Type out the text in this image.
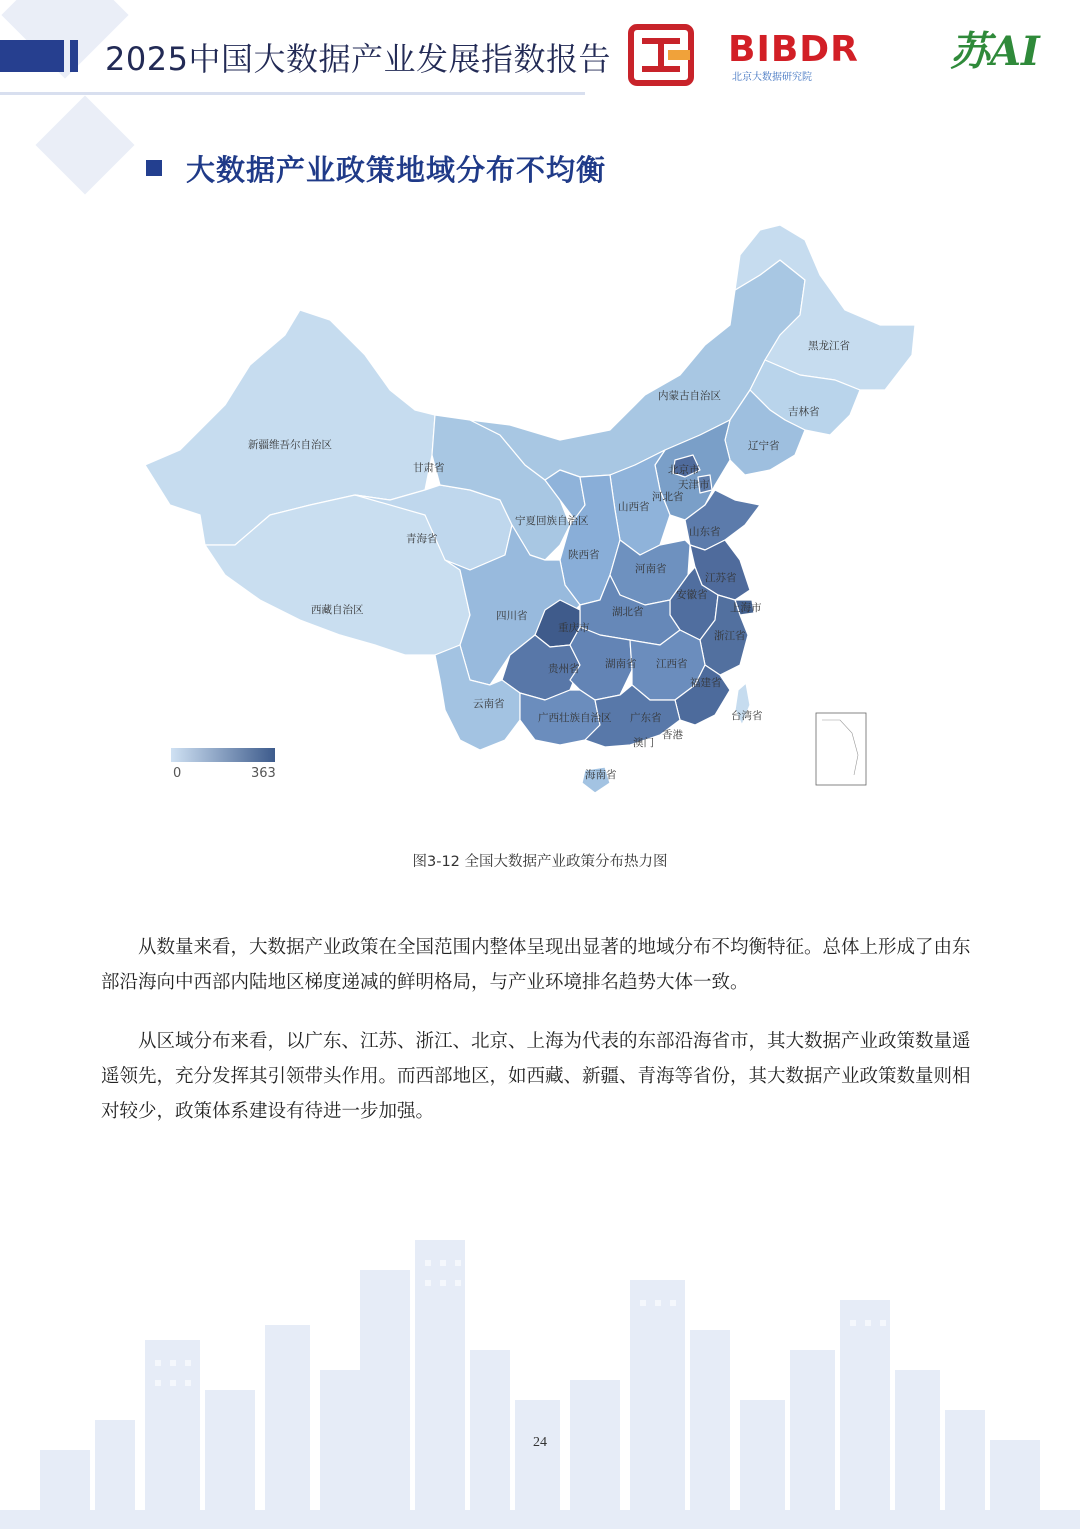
2025中国大数据产业发展指数报告	BIBDR
北京大数据研究院
苏AI
大数据产业政策地域分布不均衡
黑龙江省
吉林省
辽宁省
内蒙古自治区
新疆维吾尔自治区
甘肃省
青海省
西藏自治区
宁夏回族自治区
陕西省
山西省
河北省
北京市
天津市
山东省
河南省
江苏省
安徽省
上海市
湖北省
四川省
重庆市
浙江省
贵州省 湖南省 江西省
福建省
云南省
广西壮族自治区 广东省	台湾省
澳门
香港
海南省
0	363
图3-12 全国大数据产业政策分布热力图
从数量来看，大数据产业政策在全国范围内整体呈现出显著的地域分布不均衡特征。总体上形成了由东部沿海向中西部内陆地区梯度递减的鲜明格局，与产业环境排名趋势大体一致。
从区域分布来看，以广东、江苏、浙江、北京、上海为代表的东部沿海省市，其大数据产业政策数量遥遥领先，充分发挥其引领带头作用。而西部地区，如西藏、新疆、青海等省份，其大数据产业政策数量则相对较少，政策体系建设有待进一步加强。
24
